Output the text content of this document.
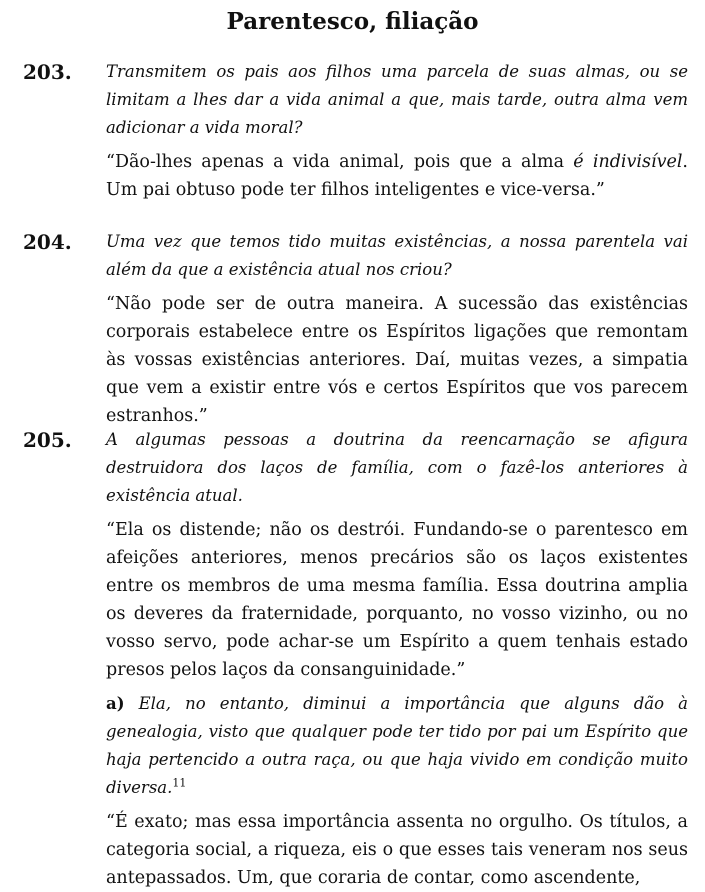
Parentesco, filiação
203. Transmitem os pais aos filhos uma parcela de suas almas, ou se limitam a lhes dar a vida animal a que, mais tarde, outra alma vem adicionar a vida moral?

“Dão-lhes apenas a vida animal, pois que a alma é indivisível. Um pai obtuso pode ter filhos inteligentes e vice-versa.”

204. Uma vez que temos tido muitas existências, a nossa parentela vai além da que a existência atual nos criou?

“Não pode ser de outra maneira. A sucessão das existências corporais estabelece entre os Espíritos ligações que remontam às vossas existências anteriores. Daí, muitas vezes, a simpatia que vem a existir entre vós e certos Espíritos que vos parecem estranhos.”

205. A algumas pessoas a doutrina da reencarnação se afigura destruidora dos laços de família, com o fazê-los anteriores à existência atual.

“Ela os distende; não os destrói. Fundando-se o parentesco em afeições anteriores, menos precários são os laços existentes entre os membros de uma mesma família. Essa doutrina amplia os deveres da fraternidade, porquanto, no vosso vizinho, ou no vosso servo, pode achar-se um Espírito a quem tenhais estado presos pelos laços da consanguinidade.”

a) Ela, no entanto, diminui a importância que alguns dão à genealogia, visto que qualquer pode ter tido por pai um Espírito que haja pertencido a outra raça, ou que haja vivido em condição muito diversa.$^{11}$

“É exato; mas essa importância assenta no orgulho. Os títulos, a categoria social, a riqueza, eis o que esses tais veneram nos seus antepassados. Um, que coraria de contar, como ascendente,
